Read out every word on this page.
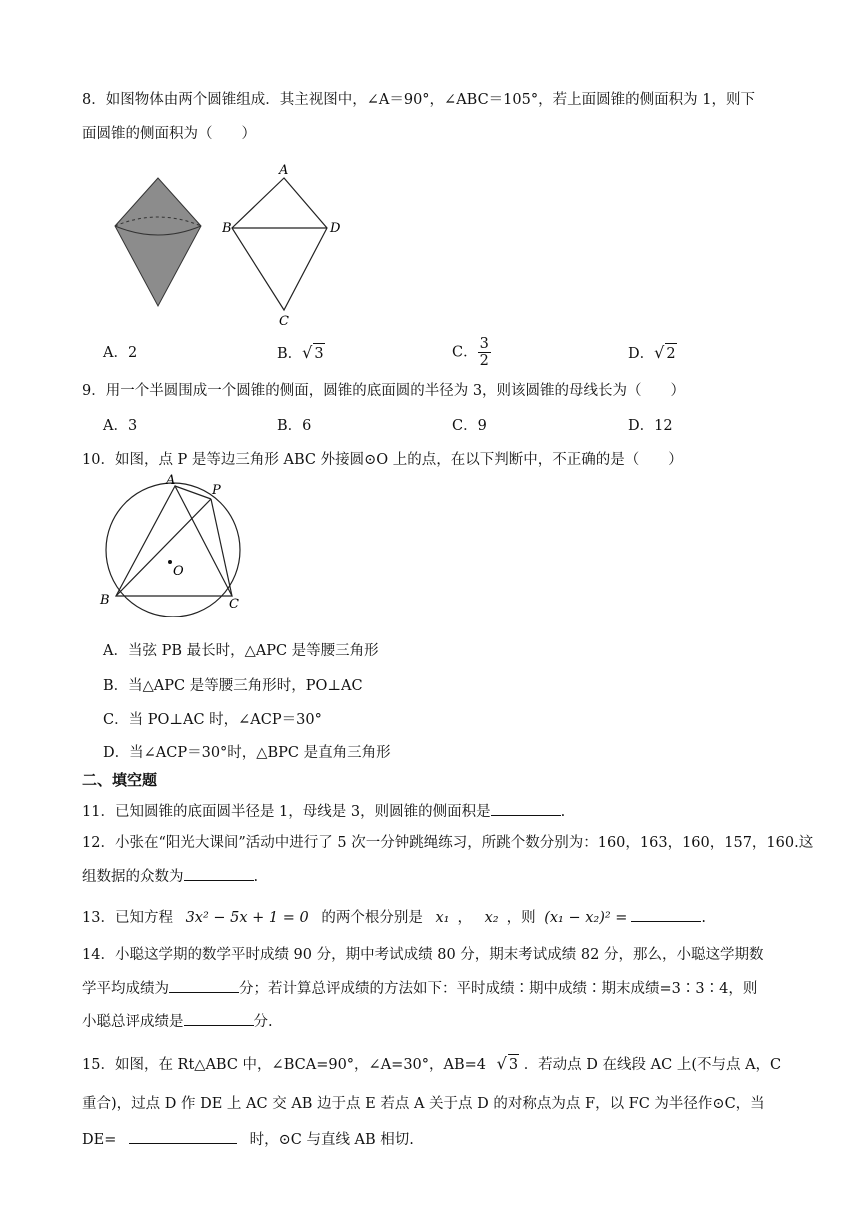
8．如图物体由两个圆锥组成．其主视图中，∠A＝90°，∠ABC＝105°，若上面圆锥的侧面积为 1，则下
面圆锥的侧面积为（　　）
A
B	D
C
A．2	B．√ 3	C． $\frac{3}{2}$	D．√ 2
9．用一个半圆围成一个圆锥的侧面，圆锥的底面圆的半径为 3，则该圆锥的母线长为（　　）
A．3	B．6	C．9	D．12
10．如图，点 P 是等边三角形 ABC 外接圆⊙O 上的点，在以下判断中，不正确的是（　　）
A
P
O
B	C
A．当弦 PB 最长时，△APC 是等腰三角形
B．当△APC 是等腰三角形时，PO⊥AC
C．当 PO⊥AC 时，∠ACP＝30°
D．当∠ACP＝30°时，△BPC 是直角三角形
二、填空题
11．已知圆锥的底面圆半径是 1，母线是 3，则圆锥的侧面积是	.
12．小张在“阳光大课间”活动中进行了 5 次一分钟跳绳练习，所跳个数分别为：160，163，160，157，160.这
组数据的众数为	.
13．已知方程 3x² − 5x + 1 = 0 的两个根分别是 x₁ ， x₂ ，则 (x₁ − x₂)² =	.
14．小聪这学期的数学平时成绩 90 分，期中考试成绩 80 分，期末考试成绩 82 分，那么，小聪这学期数
学平均成绩为	分；若计算总评成绩的方法如下：平时成绩∶期中成绩∶期末成绩=3∶3∶4，则
小聪总评成绩是	分.
15．如图，在 Rt△ABC 中，∠BCA=90°，∠A=30°，AB=4 √ 3 ．若动点 D 在线段 AC 上(不与点 A，C
重合)，过点 D 作 DE 上 AC 交 AB 边于点 E 若点 A 关于点 D 的对称点为点 F，以 FC 为半径作⊙C，当
DE=	时，⊙C 与直线 AB 相切.
